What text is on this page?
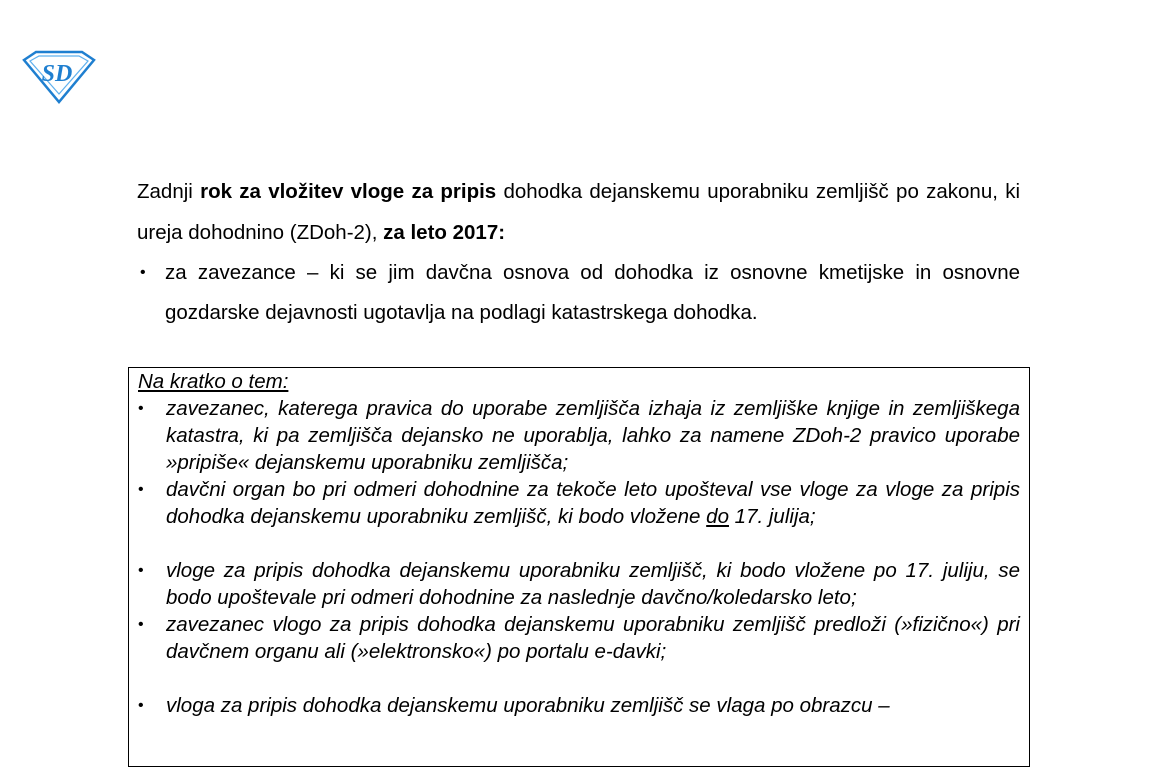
SD

Zadnji rok za vložitev vloge za pripis dohodka dejanskemu uporabniku zemljišč po zakonu, ki ureja dohodnino (ZDoh-2), za leto 2017:

• za zavezance – ki se jim davčna osnova od dohodka iz osnovne kmetijske in osnovne gozdarske dejavnosti ugotavlja na podlagi katastrskega dohodka.

Na kratko o tem:

• zavezanec, katerega pravica do uporabe zemljišča izhaja iz zemljiške knjige in zemljiškega katastra, ki pa zemljišča dejansko ne uporablja, lahko za namene ZDoh-2 pravico uporabe »pripiše« dejanskemu uporabniku zemljišča;
• davčni organ bo pri odmeri dohodnine za tekoče leto upošteval vse vloge za vloge za pripis dohodka dejanskemu uporabniku zemljišč, ki bodo vložene do 17. julija;
• vloge za pripis dohodka dejanskemu uporabniku zemljišč, ki bodo vložene po 17. juliju, se bodo upoštevale pri odmeri dohodnine za naslednje davčno/koledarsko leto;
• zavezanec vlogo za pripis dohodka dejanskemu uporabniku zemljišč predloži (»fizično«) pri davčnem organu ali (»elektronsko«) po portalu e-davki;
• vloga za pripis dohodka dejanskemu uporabniku zemljišč se vlaga po obrazcu –
